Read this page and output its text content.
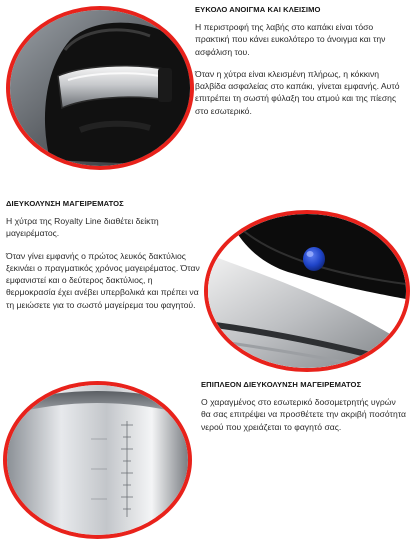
ΕΥΚΟΛΟ ΑΝΟΙΓΜΑ ΚΑΙ ΚΛΕΙΣΙΜΟ

Η περιστροφή της λαβής στο καπάκι είναι τόσο πρακτική που κάνει ευκολότερο το άνοιγμα και την ασφάλιση του.

Όταν η χύτρα είναι κλεισμένη πλήρως, η κόκκινη βαλβίδα ασφαλείας στο καπάκι, γίνεται εμφανής. Αυτό επιτρέπει τη σωστή φύλαξη του ατμού και της πίεσης στο εσωτερικό.

ΔΙΕΥΚΟΛΥΝΣΗ ΜΑΓΕΙΡΕΜΑΤΟΣ

Η χύτρα της Royalty Line διαθέτει δείκτη μαγειρέματος.

Όταν γίνει εμφανής ο πρώτος λευκός δακτύλιος ξεκινάει ο πραγματικός χρόνος μαγειρέματος. Όταν εμφανιστεί και ο δεύτερος δακτύλιος, η θερμοκρασία έχει ανέβει υπερβολικά και πρέπει να τη μειώσετε για το σωστό μαγείρεμα του φαγητού.

ΕΠΙΠΛΕΟΝ ΔΙΕΥΚΟΛΥΝΣΗ ΜΑΓΕΙΡΕΜΑΤΟΣ

Ο χαραγμένος στο εσωτερικό δοσομετρητής υγρών θα σας επιτρέψει να προσθέτετε την ακριβή ποσότητα νερού που χρειάζεται το φαγητό σας.
